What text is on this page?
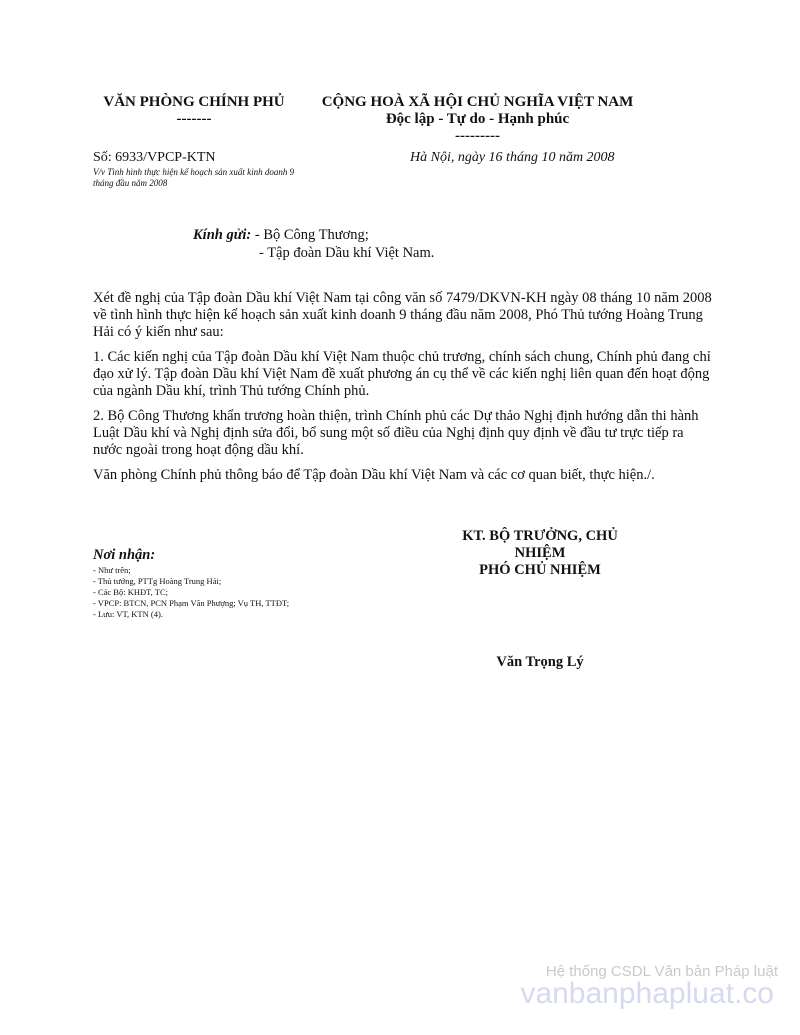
VĂN PHÒNG CHÍNH PHỦ
-------
CỘNG HOÀ XÃ HỘI CHỦ NGHĨA VIỆT NAM
Độc lập - Tự do - Hạnh phúc
---------
Số: 6933/VPCP-KTN
V/v Tình hình thực hiện kế hoạch sản xuất kinh doanh 9 tháng đầu năm 2008
Hà Nội, ngày 16 tháng 10 năm 2008
Kính gửi: - Bộ Công Thương;
- Tập đoàn Dầu khí Việt Nam.

Xét đề nghị của Tập đoàn Dầu khí Việt Nam tại công văn số 7479/DKVN-KH ngày 08 tháng 10 năm 2008 về tình hình thực hiện kế hoạch sản xuất kinh doanh 9 tháng đầu năm 2008, Phó Thủ tướng Hoàng Trung Hải có ý kiến như sau:

1. Các kiến nghị của Tập đoàn Dầu khí Việt Nam thuộc chủ trương, chính sách chung, Chính phủ đang chỉ đạo xử lý. Tập đoàn Dầu khí Việt Nam đề xuất phương án cụ thể về các kiến nghị liên quan đến hoạt động của ngành Dầu khí, trình Thủ tướng Chính phủ.

2. Bộ Công Thương khẩn trương hoàn thiện, trình Chính phủ các Dự thảo Nghị định hướng dẫn thi hành Luật Dầu khí và Nghị định sửa đổi, bổ sung một số điều của Nghị định quy định về đầu tư trực tiếp ra nước ngoài trong hoạt động dầu khí.

Văn phòng Chính phủ thông báo để Tập đoàn Dầu khí Việt Nam và các cơ quan biết, thực hiện./.

Nơi nhận:
- Như trên;
- Thủ tướng, PTTg Hoàng Trung Hải;
- Các Bộ: KHĐT, TC;
- VPCP: BTCN, PCN Phạm Văn Phượng; Vụ TH, TTĐT;
- Lưu: VT, KTN (4).
KT. BỘ TRƯỞNG, CHỦ NHIỆM
PHÓ CHỦ NHIỆM
Văn Trọng Lý
Hệ thống CSDL Văn bản Pháp luật
vanbanphapluat.co
